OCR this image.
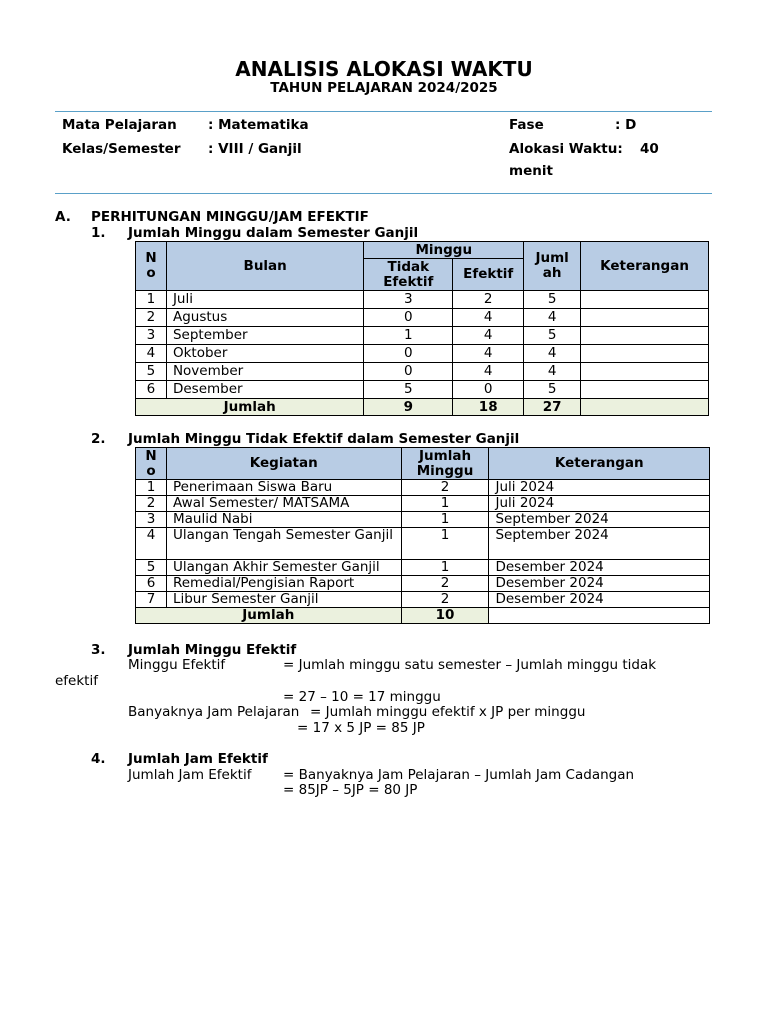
ANALISIS ALOKASI WAKTU
TAHUN PELAJARAN 2024/2025
Mata Pelajaran : Matematika
Kelas/Semester : VIII / Ganjil
Fase	: D
Alokasi Waktu: 40
menit
A. PERHITUNGAN MINGGU/JAM EFEKTIF
1. Jumlah Minggu dalam Semester Ganjil
N o	Bulan	Minggu		Juml ah	Keterangan
		Tidak Efektif	Efektif		
1	Juli	3	2	5	
2	Agustus	0	4	4	
3	September	1	4	5	
4	Oktober	0	4	4	
5	November	0	4	4	
6	Desember	5	0	5	
Jumlah		9	18	27	
2. Jumlah Minggu Tidak Efektif dalam Semester Ganjil
N o	Kegiatan	Jumlah Minggu	Keterangan
1	Penerimaan Siswa Baru	2	Juli 2024
2	Awal Semester/ MATSAMA	1	Juli 2024
3	Maulid Nabi	1	September 2024
4	Ulangan Tengah Semester Ganjil	1	September 2024
5	Ulangan Akhir Semester Ganjil	1	Desember 2024
6	Remedial/Pengisian Raport	2	Desember 2024
7	Libur Semester Ganjil	2	Desember 2024
Jumlah		10	
3. Jumlah Minggu Efektif
Minggu Efektif	= Jumlah minggu satu semester – Jumlah minggu tidak
efektif
= 27 – 10 = 17 minggu
Banyaknya Jam Pelajaran = Jumlah minggu efektif x JP per minggu
= 17 x 5 JP = 85 JP
4. Jumlah Jam Efektif
Jumlah Jam Efektif = Banyaknya Jam Pelajaran – Jumlah Jam Cadangan
= 85JP – 5JP = 80 JP
